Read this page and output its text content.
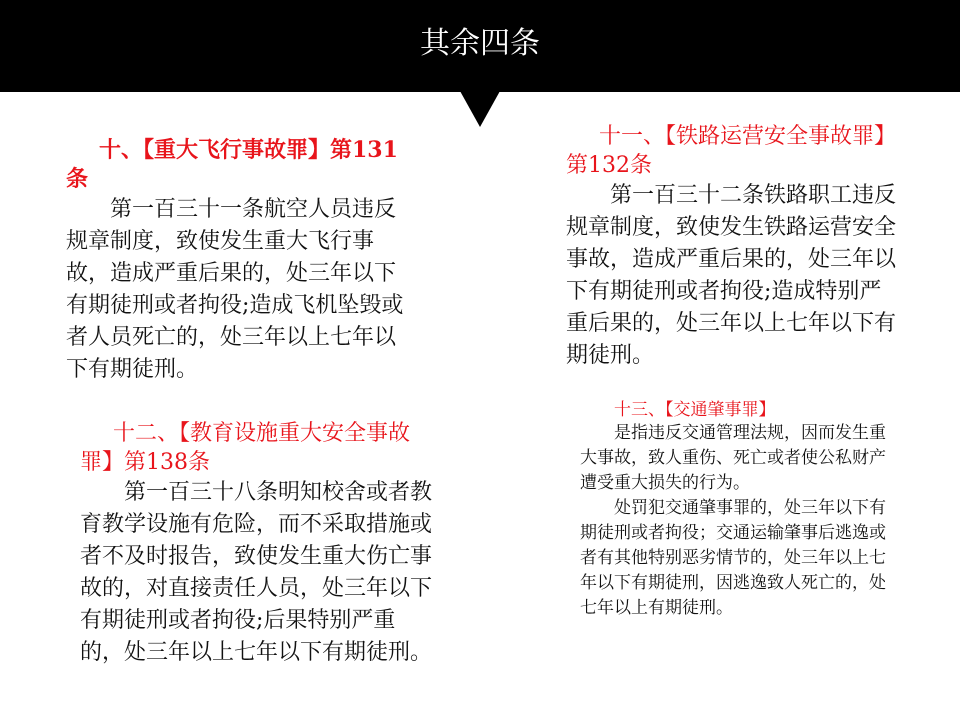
其余四条
十、【重大飞行事故罪】第131条

第一百三十一条航空人员违反规章制度，致使发生重大飞行事故，造成严重后果的，处三年以下有期徒刑或者拘役;造成飞机坠毁或者人员死亡的，处三年以上七年以下有期徒刑。

十一、【铁路运营安全事故罪】第132条

第一百三十二条铁路职工违反规章制度，致使发生铁路运营安全事故，造成严重后果的，处三年以下有期徒刑或者拘役;造成特别严重后果的，处三年以上七年以下有期徒刑。

十二、【教育设施重大安全事故罪】第138条

第一百三十八条明知校舍或者教育教学设施有危险，而不采取措施或者不及时报告，致使发生重大伤亡事故的，对直接责任人员，处三年以下有期徒刑或者拘役;后果特别严重的，处三年以上七年以下有期徒刑。

十三、【交通肇事罪】

是指违反交通管理法规，因而发生重大事故，致人重伤、死亡或者使公私财产遭受重大损失的行为。

处罚犯交通肇事罪的，处三年以下有期徒刑或者拘役；交通运输肇事后逃逸或者有其他特别恶劣情节的，处三年以上七年以下有期徒刑，因逃逸致人死亡的，处七年以上有期徒刑。
